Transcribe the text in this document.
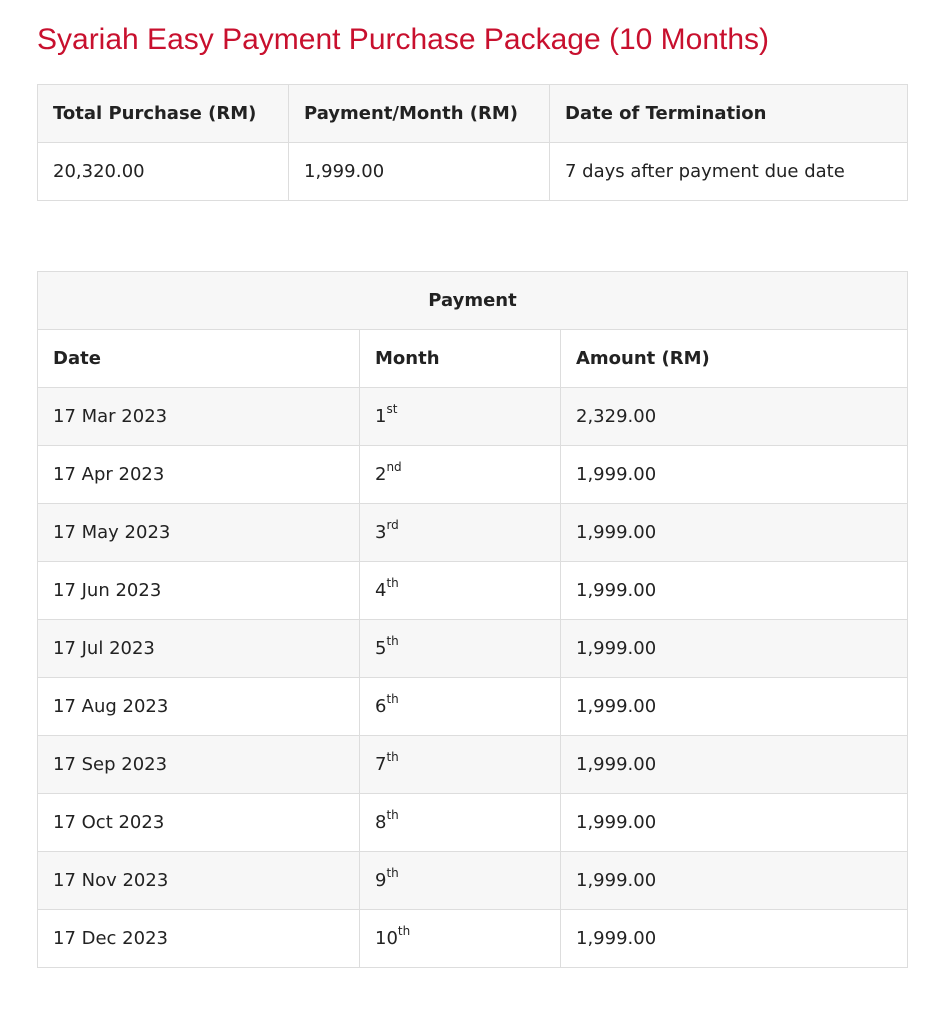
Syariah Easy Payment Purchase Package (10 Months)
Total Purchase (RM)	Payment/Month (RM)	Date of Termination
20,320.00	1,999.00	7 days after payment due date
Payment		
Date	Month	Amount (RM)
17 Mar 2023	1st	2,329.00
17 Apr 2023	2nd	1,999.00
17 May 2023	3rd	1,999.00
17 Jun 2023	4th	1,999.00
17 Jul 2023	5th	1,999.00
17 Aug 2023	6th	1,999.00
17 Sep 2023	7th	1,999.00
17 Oct 2023	8th	1,999.00
17 Nov 2023	9th	1,999.00
17 Dec 2023	10th	1,999.00
